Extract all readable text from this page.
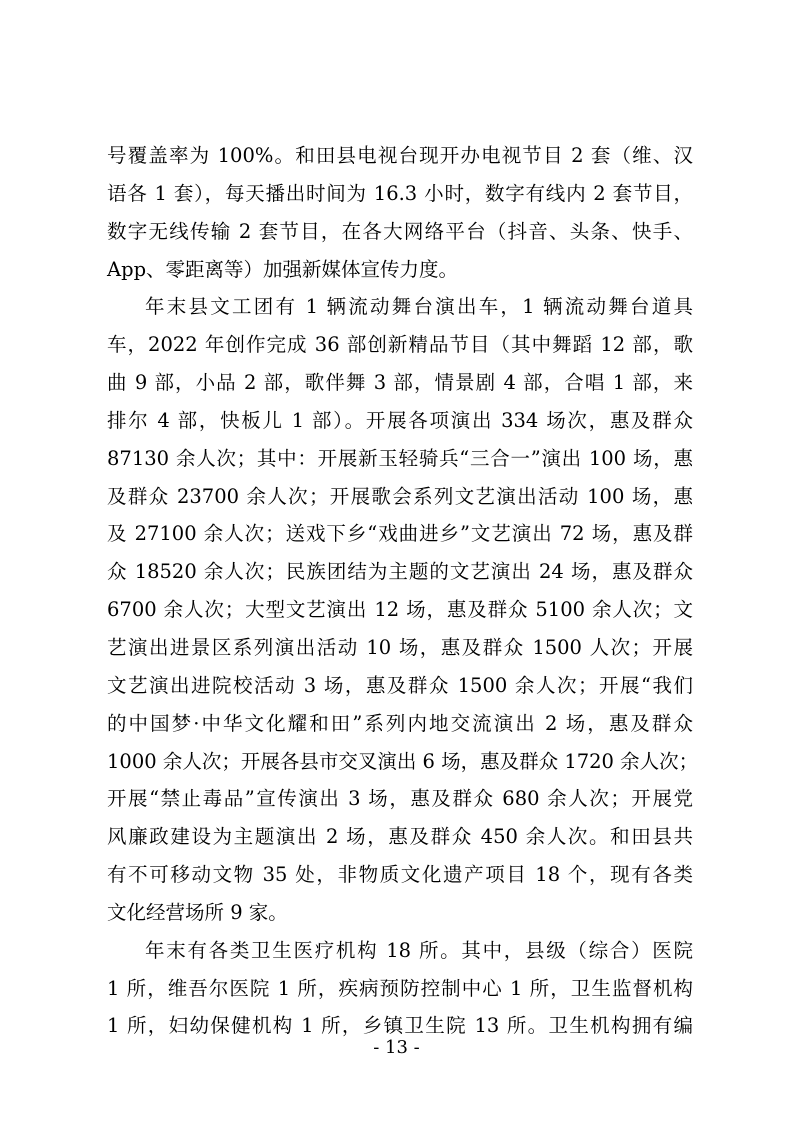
号覆盖率为 100%。和田县电视台现开办电视节目 2 套（维、汉
语各 1 套），每天播出时间为 16.3 小时，数字有线内 2 套节目，
数字无线传输 2 套节目，在各大网络平台（抖音、头条、快手、
App、零距离等）加强新媒体宣传力度。
年末县文工团有 1 辆流动舞台演出车，1 辆流动舞台道具
车，2022 年创作完成 36 部创新精品节目（其中舞蹈 12 部，歌
曲 9 部，小品 2 部，歌伴舞 3 部，情景剧 4 部，合唱 1 部，来
排尔 4 部，快板儿 1 部）。开展各项演出 334 场次，惠及群众
87130 余人次；其中：开展新玉轻骑兵“三合一”演出 100 场，惠
及群众 23700 余人次；开展歌会系列文艺演出活动 100 场，惠
及 27100 余人次；送戏下乡“戏曲进乡”文艺演出 72 场，惠及群
众 18520 余人次；民族团结为主题的文艺演出 24 场，惠及群众
6700 余人次；大型文艺演出 12 场，惠及群众 5100 余人次；文
艺演出进景区系列演出活动 10 场，惠及群众 1500 人次；开展
文艺演出进院校活动 3 场，惠及群众 1500 余人次；开展“我们
的中国梦·中华文化耀和田”系列内地交流演出 2 场，惠及群众
1000 余人次；开展各县市交叉演出 6 场，惠及群众 1720 余人次；
开展“禁止毒品”宣传演出 3 场，惠及群众 680 余人次；开展党
风廉政建设为主题演出 2 场，惠及群众 450 余人次。和田县共
有不可移动文物 35 处，非物质文化遗产项目 18 个，现有各类
文化经营场所 9 家。
年末有各类卫生医疗机构 18 所。其中，县级（综合）医院
1 所，维吾尔医院 1 所，疾病预防控制中心 1 所，卫生监督机构
1 所，妇幼保健机构 1 所，乡镇卫生院 13 所。卫生机构拥有编
- 13 -
